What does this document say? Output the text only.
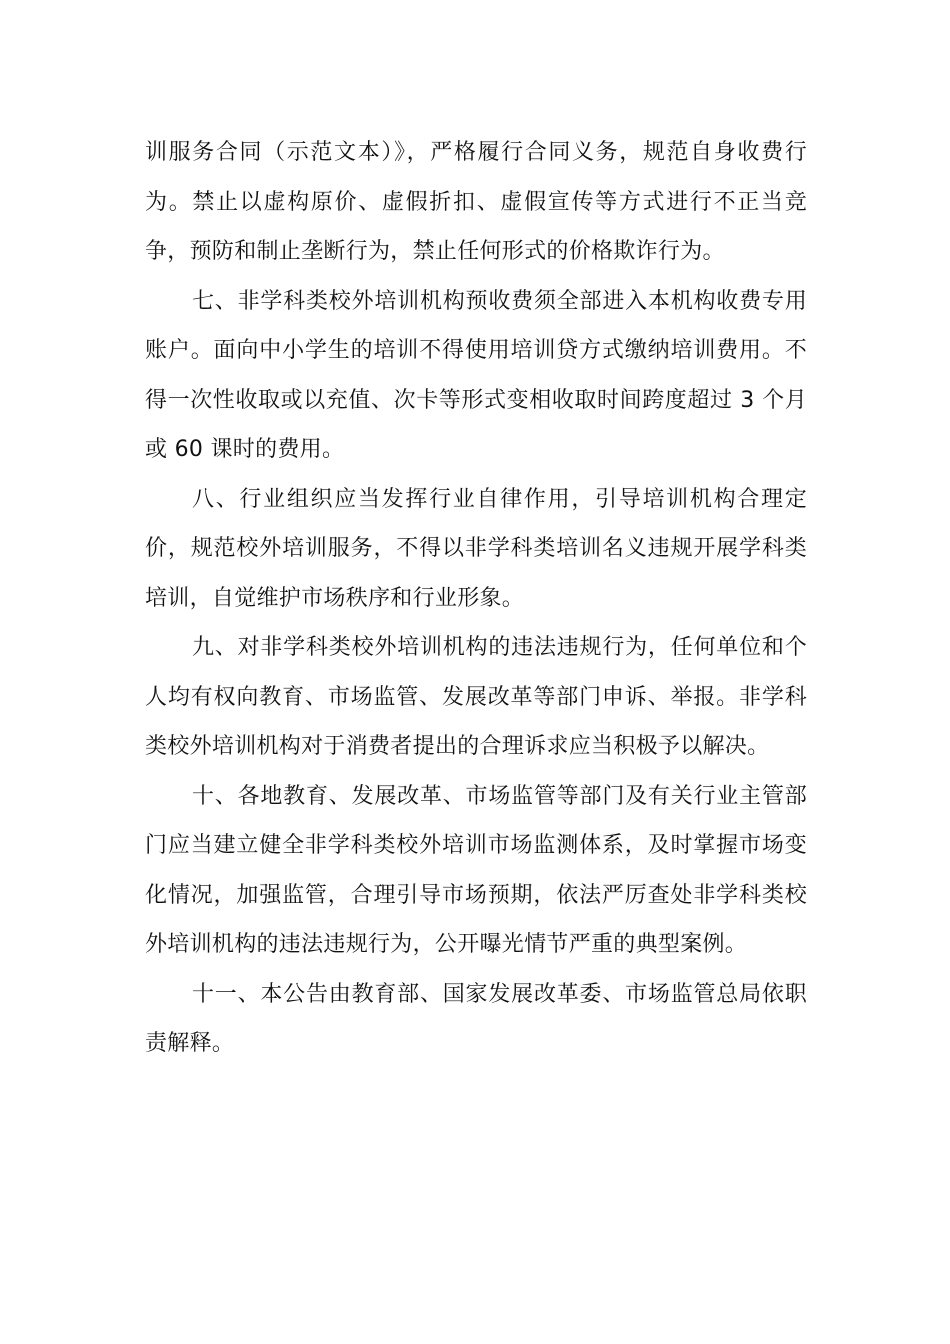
训服务合同（示范文本）》，严格履行合同义务，规范自身收费行为。禁止以虚构原价、虚假折扣、虚假宣传等方式进行不正当竞争，预防和制止垄断行为，禁止任何形式的价格欺诈行为。

七、非学科类校外培训机构预收费须全部进入本机构收费专用账户。面向中小学生的培训不得使用培训贷方式缴纳培训费用。不得一次性收取或以充值、次卡等形式变相收取时间跨度超过 3 个月或 60 课时的费用。

八、行业组织应当发挥行业自律作用，引导培训机构合理定价，规范校外培训服务，不得以非学科类培训名义违规开展学科类培训，自觉维护市场秩序和行业形象。

九、对非学科类校外培训机构的违法违规行为，任何单位和个人均有权向教育、市场监管、发展改革等部门申诉、举报。非学科类校外培训机构对于消费者提出的合理诉求应当积极予以解决。

十、各地教育、发展改革、市场监管等部门及有关行业主管部门应当建立健全非学科类校外培训市场监测体系，及时掌握市场变化情况，加强监管，合理引导市场预期，依法严厉查处非学科类校外培训机构的违法违规行为，公开曝光情节严重的典型案例。

十一、本公告由教育部、国家发展改革委、市场监管总局依职责解释。
